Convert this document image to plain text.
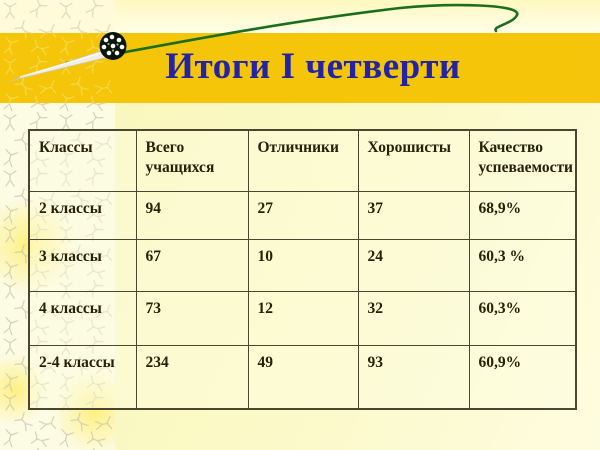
Итоги I четверти
Классы	Всего учащихся	Отличники	Хорошисты	Качество успеваемости
2 классы	94	27	37	68,9%
3 классы	67	10	24	60,3 %
4 классы	73	12	32	60,3%
2-4 классы	234	49	93	60,9%
